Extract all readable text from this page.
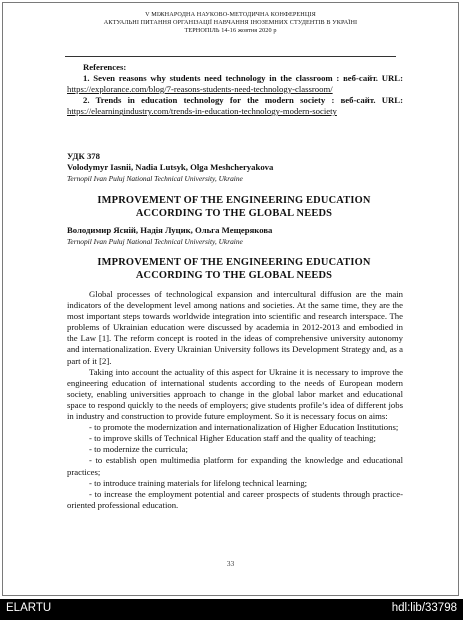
V МІЖНАРОДНА НАУКОВО-МЕТОДИЧНА КОНФЕРЕНЦІЯ
АКТУАЛЬНІ ПИТАННЯ ОРГАНІЗАЦІЇ НАВЧАННЯ ІНОЗЕМНИХ СТУДЕНТІВ В УКРАЇНІ
ТЕРНОПІЛЬ 14-16 жовтня 2020 р
References:
1. Seven reasons why students need technology in the classroom : веб-сайт. URL: https://explorance.com/blog/7-reasons-students-need-technology-classroom/
2. Trends in education technology for the modern society : веб-сайт. URL: https://elearningindustry.com/trends-in-education-technology-modern-society
УДК 378
Volodymyr Iasnii, Nadia Lutsyk, Olga Meshcheryakova
Ternopil Ivan Puluj National Technical University, Ukraine
IMPROVEMENT OF THE ENGINEERING EDUCATION ACCORDING TO THE GLOBAL NEEDS
Володимир Ясній, Надія Луцик, Ольга Мещерякова
Ternopil Ivan Puluj National Technical University, Ukraine
IMPROVEMENT OF THE ENGINEERING EDUCATION ACCORDING TO THE GLOBAL NEEDS

Global processes of technological expansion and intercultural diffusion are the main indicators of the development level among nations and societies. At the same time, they are the most important steps towards worldwide integration into scientific and research interspace. The problems of Ukrainian education were discussed by academia in 2012-2013 and embodied in the Law [1]. The reform concept is rooted in the ideas of comprehensive university autonomy and internationalization. Every Ukrainian University follows its Development Strategy and, as a part of it [2].

Taking into account the actuality of this aspect for Ukraine it is necessary to improve the engineering education of international students according to the needs of European modern society, enabling universities approach to change in the global labor market and educational space to respond quickly to the needs of employers; give students profile’s idea of different jobs in industry and construction to provide future employment. So it is necessary focus on aims:

- to promote the modernization and internationalization of Higher Education Institutions;

- to improve skills of Technical Higher Education staff and the quality of teaching;

- to modernize the curricula;

- to establish open multimedia platform for expanding the knowledge and educational practices;

- to introduce training materials for lifelong technical learning;

- to increase the employment potential and career prospects of students through practice-oriented professional education.

33
ELARTU	hdl:lib/33798
